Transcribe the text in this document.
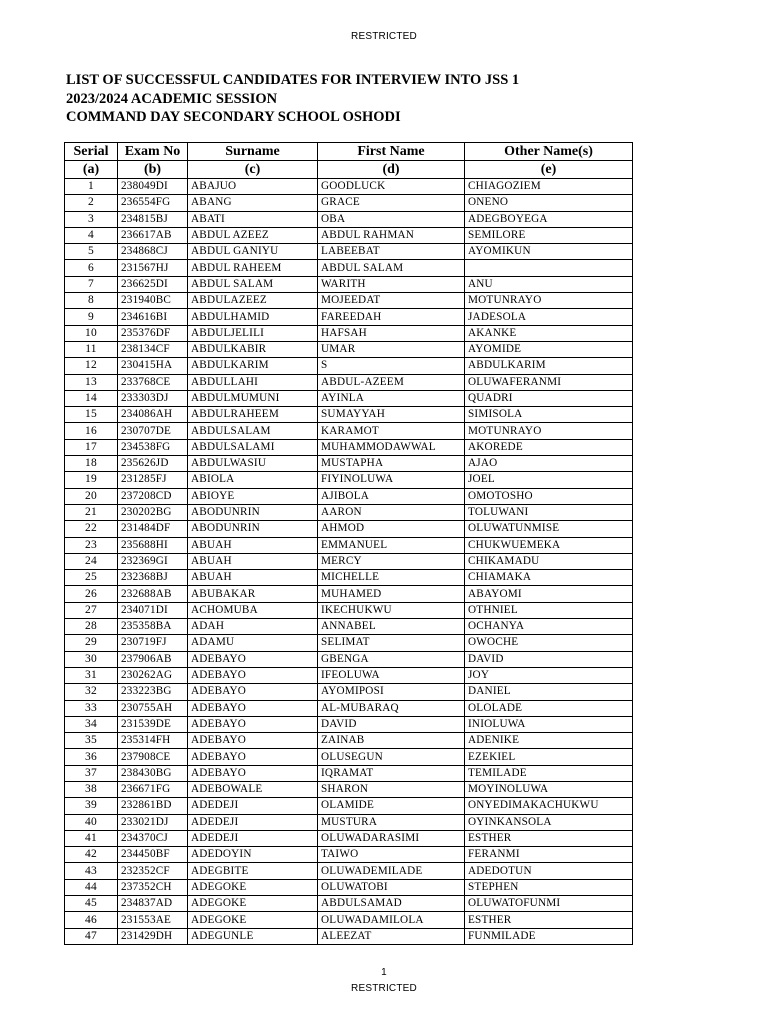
RESTRICTED
LIST OF SUCCESSFUL CANDIDATES FOR INTERVIEW INTO JSS 1
2023/2024 ACADEMIC SESSION
COMMAND DAY SECONDARY SCHOOL OSHODI
Serial	Exam No	Surname	First Name	Other Name(s)
(a)	(b)	(c)	(d)	(e)
1	238049DI	ABAJUO	GOODLUCK	CHIAGOZIEM
2	236554FG	ABANG	GRACE	ONENO
3	234815BJ	ABATI	OBA	ADEGBOYEGA
4	236617AB	ABDUL AZEEZ	ABDUL RAHMAN	SEMILORE
5	234868CJ	ABDUL GANIYU	LABEEBAT	AYOMIKUN
6	231567HJ	ABDUL RAHEEM	ABDUL SALAM	
7	236625DI	ABDUL SALAM	WARITH	ANU
8	231940BC	ABDULAZEEZ	MOJEEDAT	MOTUNRAYO
9	234616BI	ABDULHAMID	FAREEDAH	JADESOLA
10	235376DF	ABDULJELILI	HAFSAH	AKANKE
11	238134CF	ABDULKABIR	UMAR	AYOMIDE
12	230415HA	ABDULKARIM	S	ABDULKARIM
13	233768CE	ABDULLAHI	ABDUL-AZEEM	OLUWAFERANMI
14	233303DJ	ABDULMUMUNI	AYINLA	QUADRI
15	234086AH	ABDULRAHEEM	SUMAYYAH	SIMISOLA
16	230707DE	ABDULSALAM	KARAMOT	MOTUNRAYO
17	234538FG	ABDULSALAMI	MUHAMMODAWWAL	AKOREDE
18	235626JD	ABDULWASIU	MUSTAPHA	AJAO
19	231285FJ	ABIOLA	FIYINOLUWA	JOEL
20	237208CD	ABIOYE	AJIBOLA	OMOTOSHO
21	230202BG	ABODUNRIN	AARON	TOLUWANI
22	231484DF	ABODUNRIN	AHMOD	OLUWATUNMISE
23	235688HI	ABUAH	EMMANUEL	CHUKWUEMEKA
24	232369GI	ABUAH	MERCY	CHIKAMADU
25	232368BJ	ABUAH	MICHELLE	CHIAMAKA
26	232688AB	ABUBAKAR	MUHAMED	ABAYOMI
27	234071DI	ACHOMUBA	IKECHUKWU	OTHNIEL
28	235358BA	ADAH	ANNABEL	OCHANYA
29	230719FJ	ADAMU	SELIMAT	OWOCHE
30	237906AB	ADEBAYO	GBENGA	DAVID
31	230262AG	ADEBAYO	IFEOLUWA	JOY
32	233223BG	ADEBAYO	AYOMIPOSI	DANIEL
33	230755AH	ADEBAYO	AL-MUBARAQ	OLOLADE
34	231539DE	ADEBAYO	DAVID	INIOLUWA
35	235314FH	ADEBAYO	ZAINAB	ADENIKE
36	237908CE	ADEBAYO	OLUSEGUN	EZEKIEL
37	238430BG	ADEBAYO	IQRAMAT	TEMILADE
38	236671FG	ADEBOWALE	SHARON	MOYINOLUWA
39	232861BD	ADEDEJI	OLAMIDE	ONYEDIMAKACHUKWU
40	233021DJ	ADEDEJI	MUSTURA	OYINKANSOLA
41	234370CJ	ADEDEJI	OLUWADARASIMI	ESTHER
42	234450BF	ADEDOYIN	TAIWO	FERANMI
43	232352CF	ADEGBITE	OLUWADEMILADE	ADEDOTUN
44	237352CH	ADEGOKE	OLUWATOBI	STEPHEN
45	234837AD	ADEGOKE	ABDULSAMAD	OLUWATOFUNMI
46	231553AE	ADEGOKE	OLUWADAMILOLA	ESTHER
47	231429DH	ADEGUNLE	ALEEZAT	FUNMILADE
1
RESTRICTED
